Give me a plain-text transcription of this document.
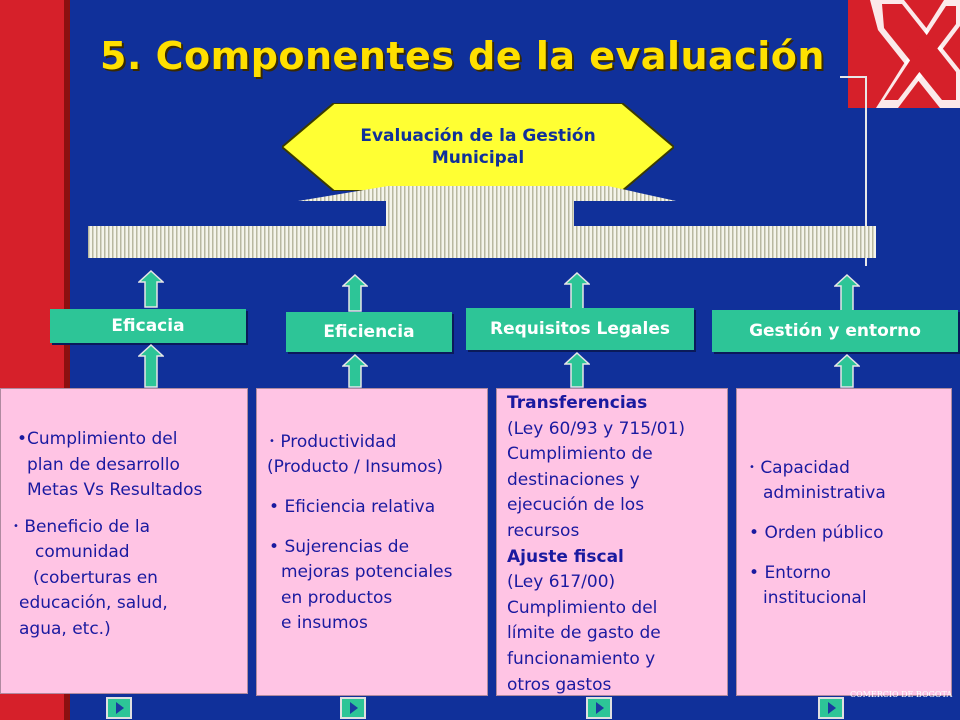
5. Componentes de la evaluación
Evaluación de la Gestión
Municipal
Eficacia

•Cumplimiento del

plan de desarrollo

Metas Vs Resultados

• Beneficio de la

comunidad

(coberturas en

educación, salud,

agua, etc.)

Eficiencia

• Productividad

(Producto / Insumos)

• Eficiencia relativa

• Sujerencias de

mejoras potenciales

en productos

e insumos

Requisitos Legales

Transferencias

(Ley 60/93 y 715/01)

Cumplimiento de

destinaciones y

ejecución de los

recursos

Ajuste fiscal

(Ley 617/00)

Cumplimiento del

límite de gasto de

funcionamiento y

otros gastos

Gestión y entorno

• Capacidad

administrativa

• Orden público

• Entorno

institucional

COMERCIO DE BOGOTA
